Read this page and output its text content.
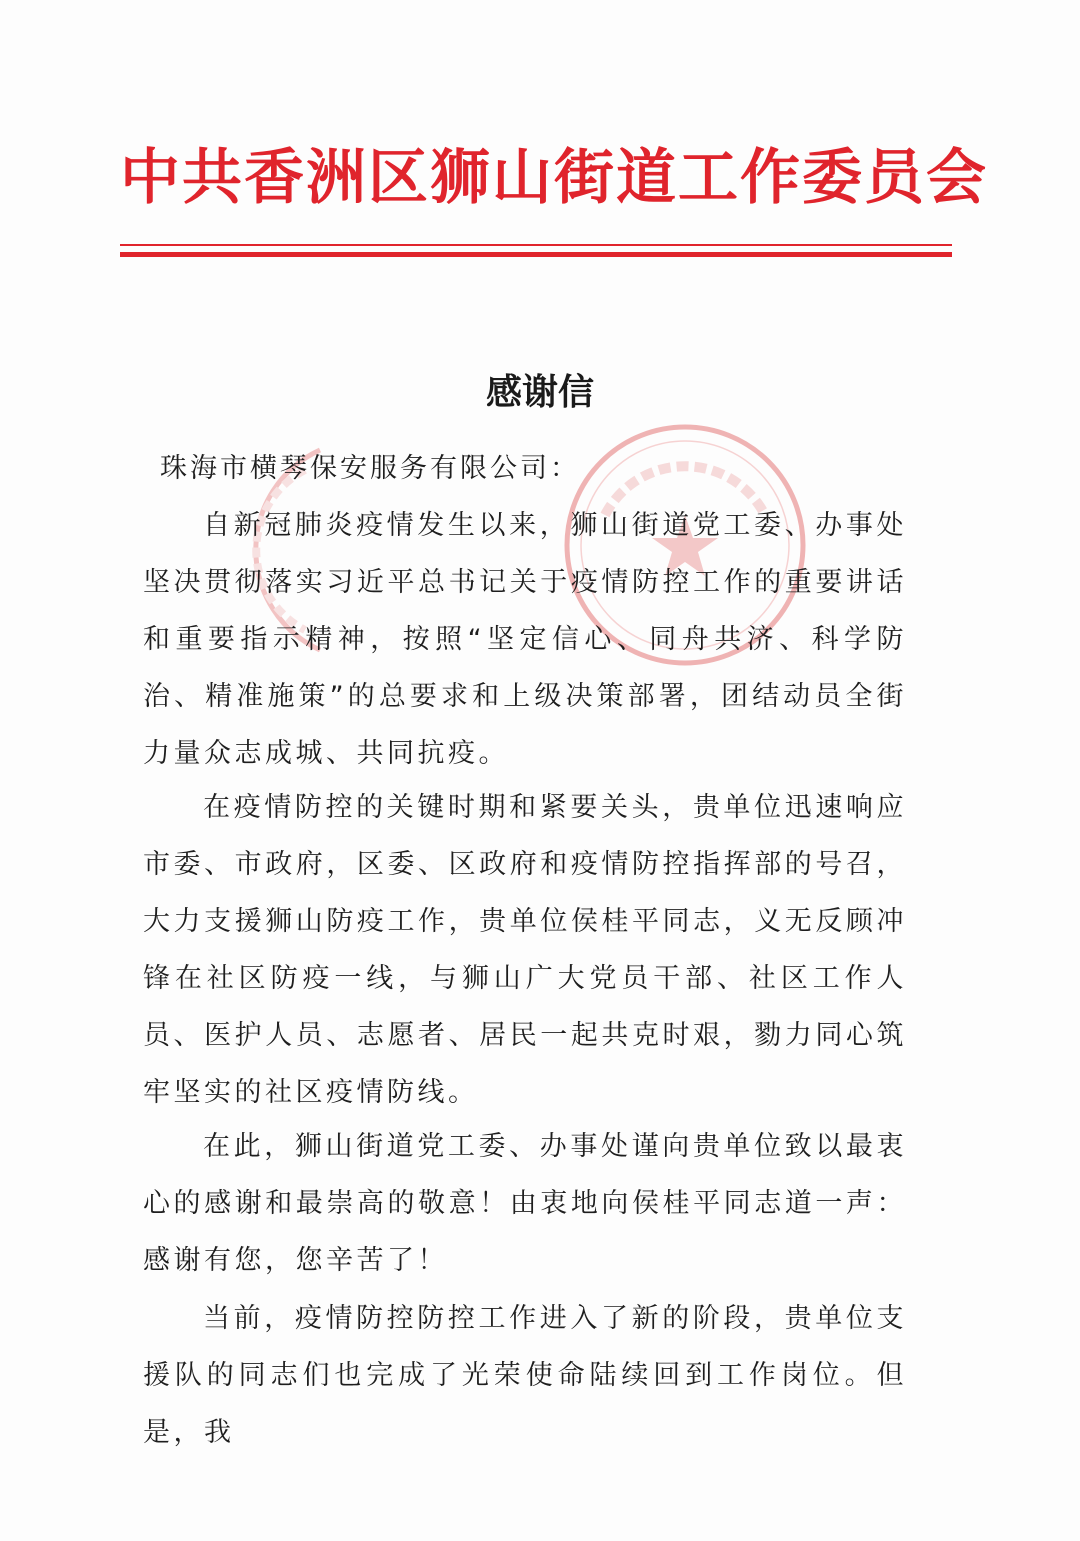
中共香洲区狮山街道工作委员会
感谢信
珠海市横琴保安服务有限公司：

自新冠肺炎疫情发生以来，狮山街道党工委、办事处坚决贯彻落实习近平总书记关于疫情防控工作的重要讲话和重要指示精神，按照“坚定信心、同舟共济、科学防治、精准施策”的总要求和上级决策部署，团结动员全街力量众志成城、共同抗疫。

在疫情防控的关键时期和紧要关头，贵单位迅速响应市委、市政府，区委、区政府和疫情防控指挥部的号召，大力支援狮山防疫工作，贵单位侯桂平同志，义无反顾冲锋在社区防疫一线，与狮山广大党员干部、社区工作人员、医护人员、志愿者、居民一起共克时艰，勠力同心筑牢坚实的社区疫情防线。

在此，狮山街道党工委、办事处谨向贵单位致以最衷心的感谢和最崇高的敬意！由衷地向侯桂平同志道一声：感谢有您，您辛苦了！

当前，疫情防控防控工作进入了新的阶段，贵单位支援队的同志们也完成了光荣使命陆续回到工作岗位。但是，我
